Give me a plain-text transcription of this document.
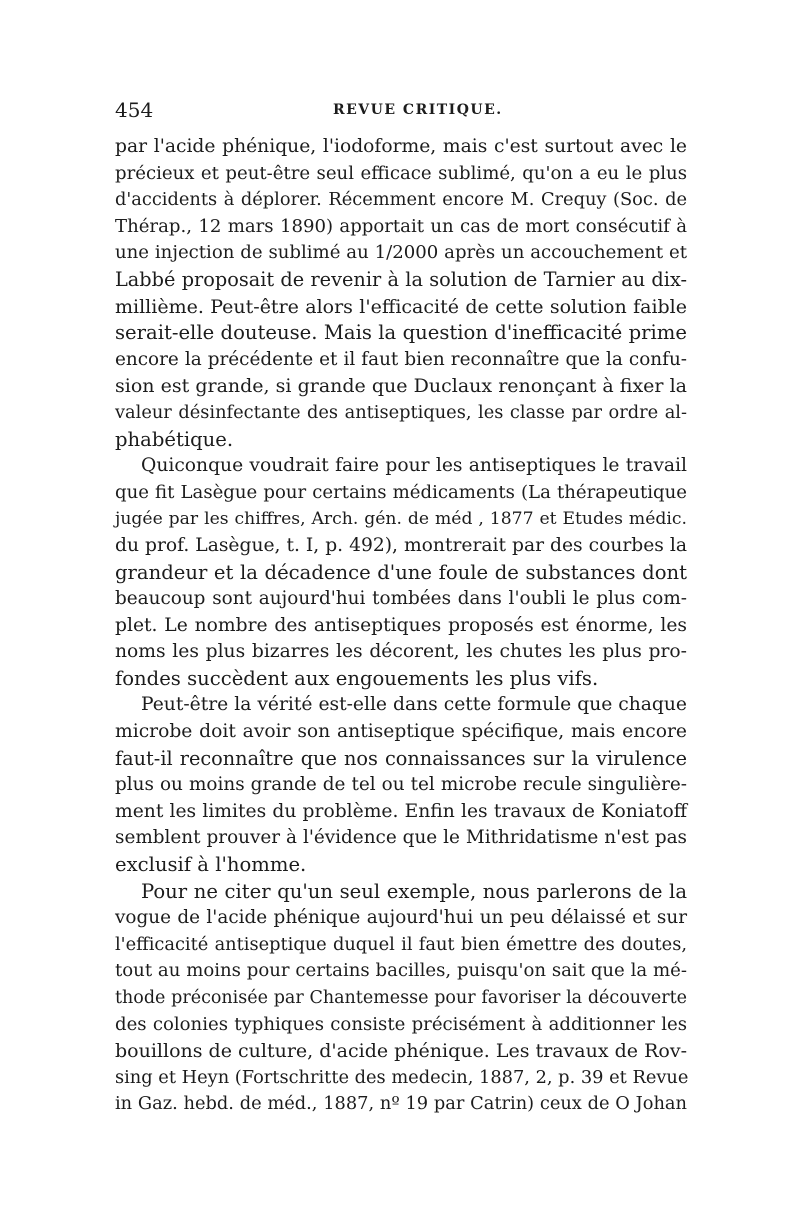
454	REVUE CRITIQUE.

par l'acide phénique, l'iodoforme, mais c'est surtout avec le
précieux et peut-être seul efficace sublimé, qu'on a eu le plus
d'accidents à déplorer. Récemment encore M. Crequy (Soc. de
Thérap., 12 mars 1890) apportait un cas de mort consécutif à
une injection de sublimé au 1/2000 après un accouchement et
Labbé proposait de revenir à la solution de Tarnier au dix-
millième. Peut-être alors l'efficacité de cette solution faible
serait-elle douteuse. Mais la question d'inefficacité prime
encore la précédente et il faut bien reconnaître que la confu-
sion est grande, si grande que Duclaux renonçant à fixer la
valeur désinfectante des antiseptiques, les classe par ordre al-
phabétique.

Quiconque voudrait faire pour les antiseptiques le travail
que fit Lasègue pour certains médicaments (La thérapeutique
jugée par les chiffres, Arch. gén. de méd , 1877 et Etudes médic.
du prof. Lasègue, t. I, p. 492), montrerait par des courbes la
grandeur et la décadence d'une foule de substances dont
beaucoup sont aujourd'hui tombées dans l'oubli le plus com-
plet. Le nombre des antiseptiques proposés est énorme, les
noms les plus bizarres les décorent, les chutes les plus pro-
fondes succèdent aux engouements les plus vifs.

Peut-être la vérité est-elle dans cette formule que chaque
microbe doit avoir son antiseptique spécifique, mais encore
faut-il reconnaître que nos connaissances sur la virulence
plus ou moins grande de tel ou tel microbe recule singulière-
ment les limites du problème. Enfin les travaux de Koniatoff
semblent prouver à l'évidence que le Mithridatisme n'est pas
exclusif à l'homme.

Pour ne citer qu'un seul exemple, nous parlerons de la
vogue de l'acide phénique aujourd'hui un peu délaissé et sur
l'efficacité antiseptique duquel il faut bien émettre des doutes,
tout au moins pour certains bacilles, puisqu'on sait que la mé-
thode préconisée par Chantemesse pour favoriser la découverte
des colonies typhiques consiste précisément à additionner les
bouillons de culture, d'acide phénique. Les travaux de Rov-
sing et Heyn (Fortschritte des medecin, 1887, 2, p. 39 et Revue
in Gaz. hebd. de méd., 1887, nº 19 par Catrin) ceux de O Johan
